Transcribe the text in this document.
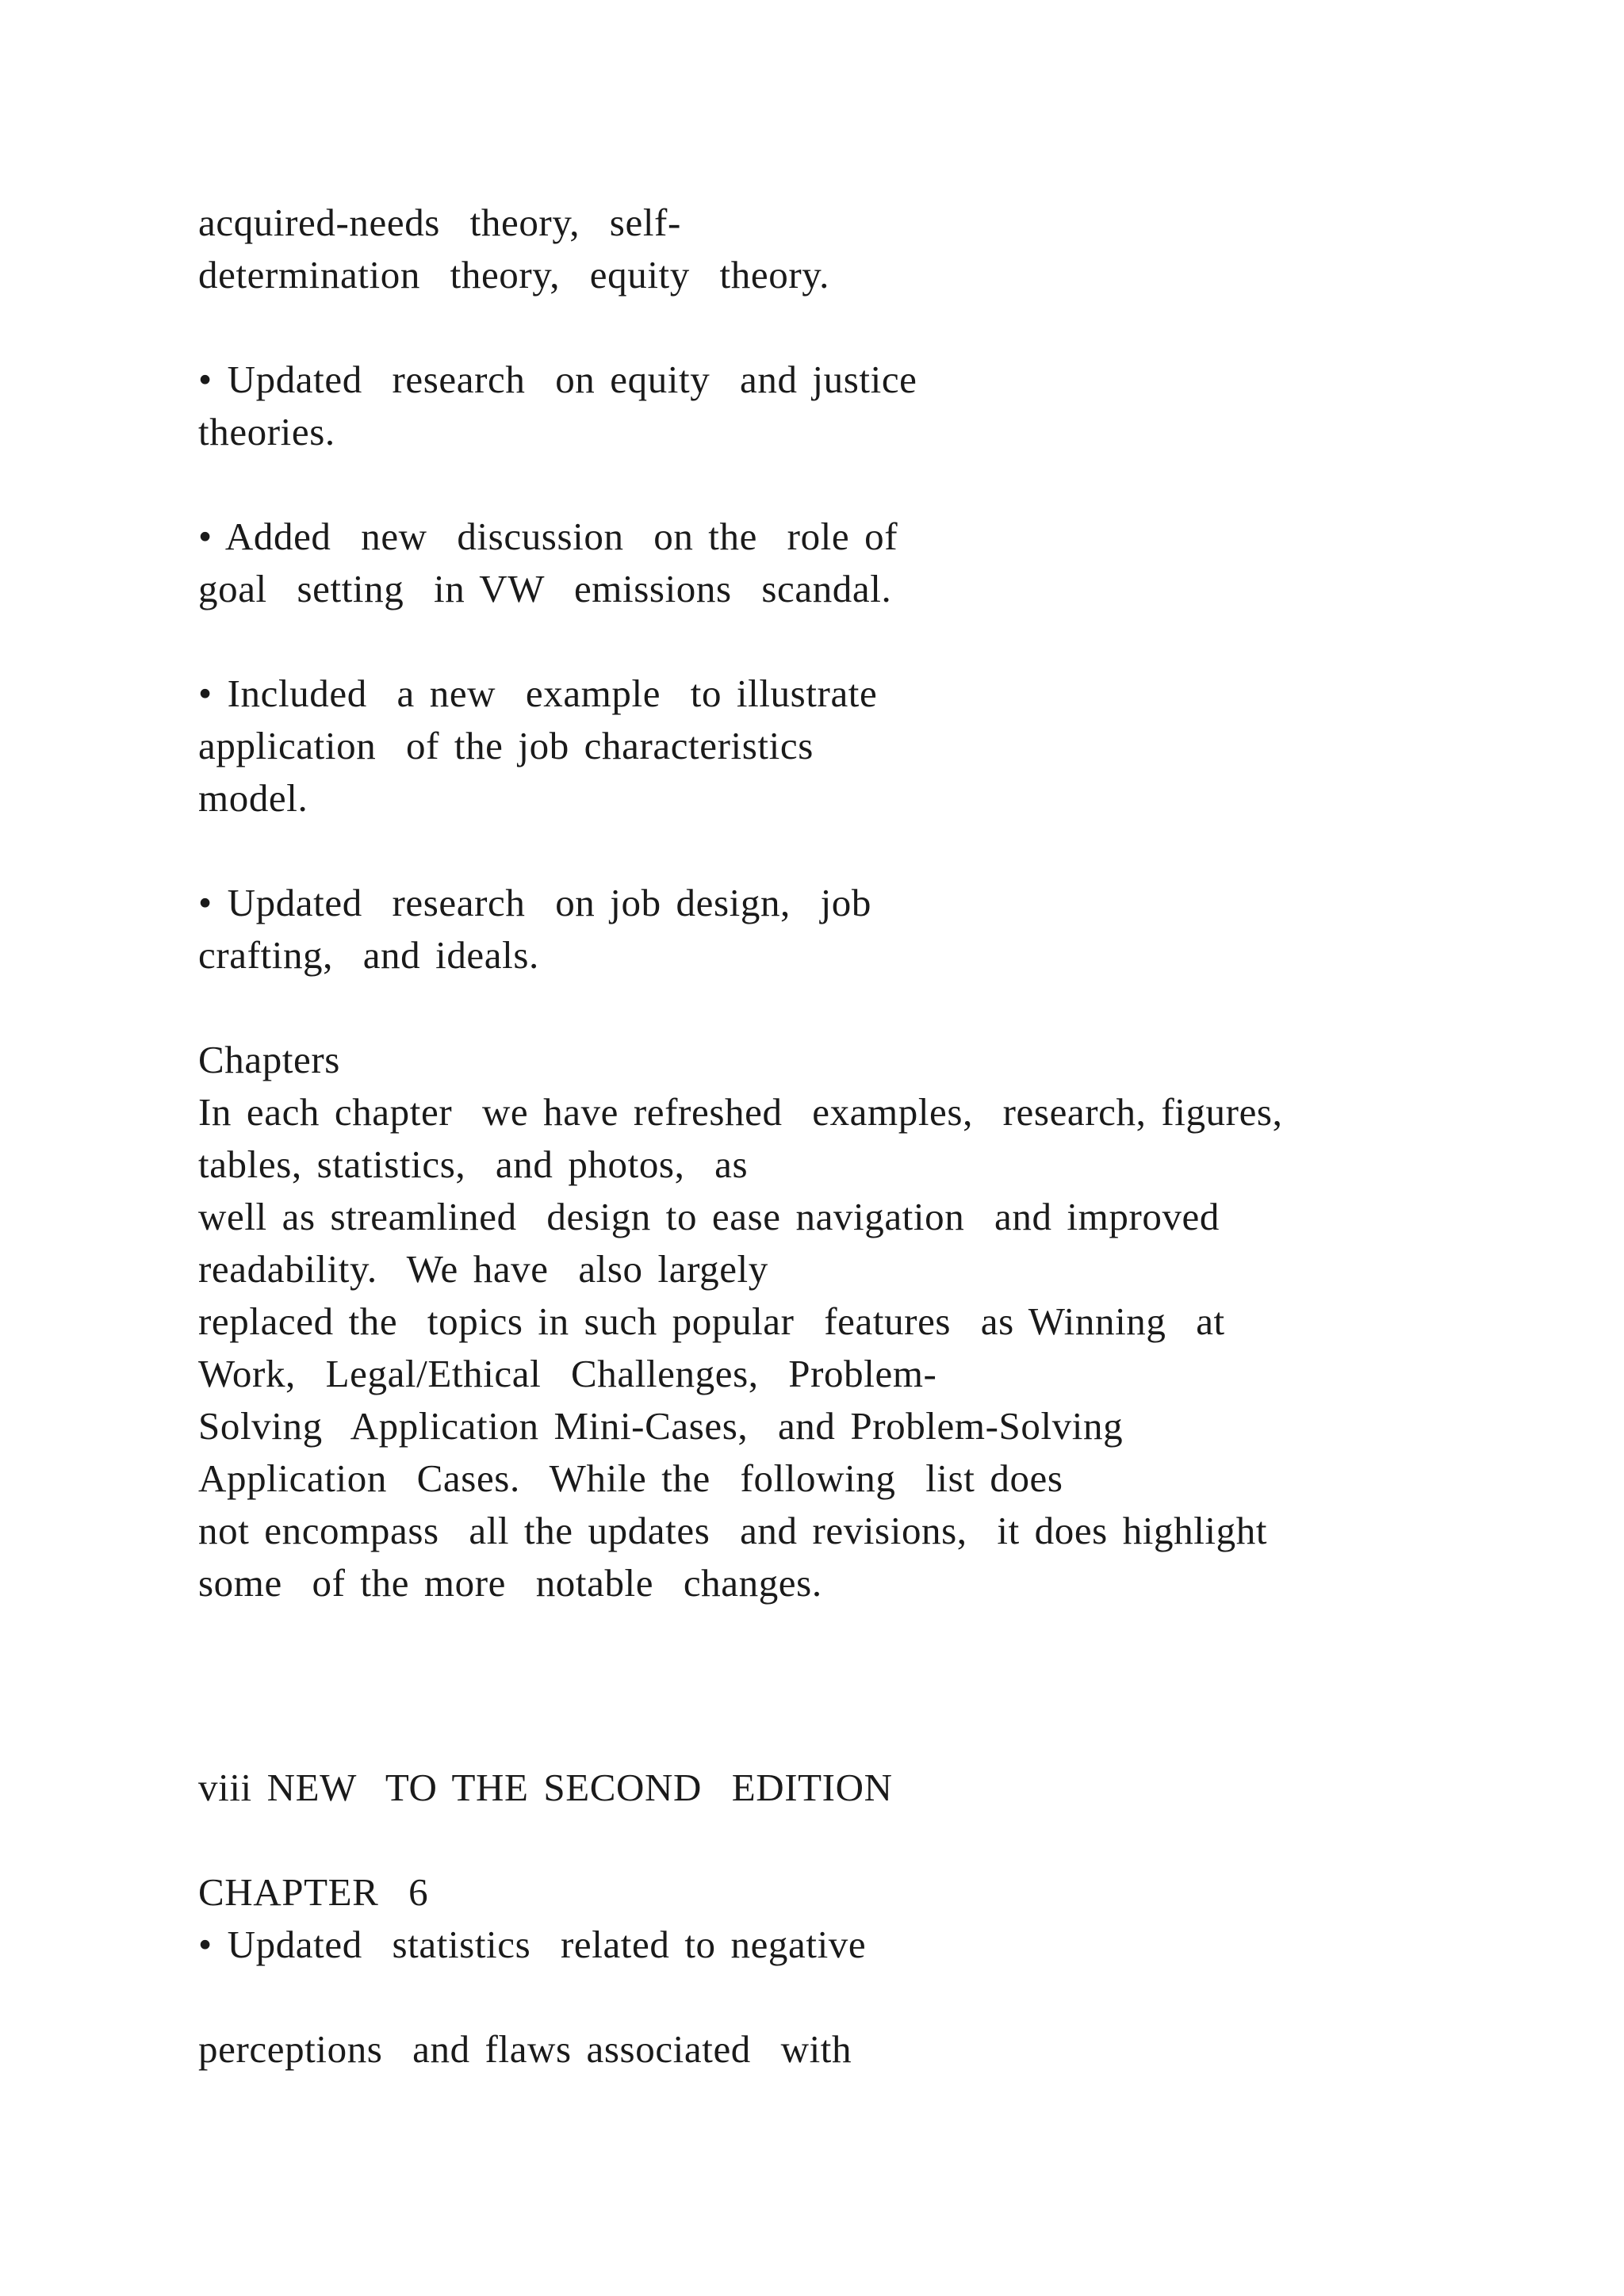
acquired-needs  theory,  self-
determination  theory,  equity  theory.
• Updated  research  on equity  and justice
theories.
• Added  new  discussion  on the  role of
goal  setting  in VW  emissions  scandal.
• Included  a new  example  to illustrate
application  of the job characteristics
model.
• Updated  research  on job design,  job
crafting,  and ideals.
Chapters
In each chapter  we have refreshed  examples,  research, figures,
tables, statistics,  and photos,  as
well as streamlined  design to ease navigation  and improved
readability.  We have  also largely
replaced the  topics in such popular  features  as Winning  at
Work,  Legal/Ethical  Challenges,  Problem-
Solving  Application Mini-Cases,  and Problem-Solving
Application  Cases.  While the  following  list does
not encompass  all the updates  and revisions,  it does highlight
some  of the more  notable  changes.
viii NEW  TO THE SECOND  EDITION
CHAPTER  6
• Updated  statistics  related to negative
perceptions  and flaws associated  with
